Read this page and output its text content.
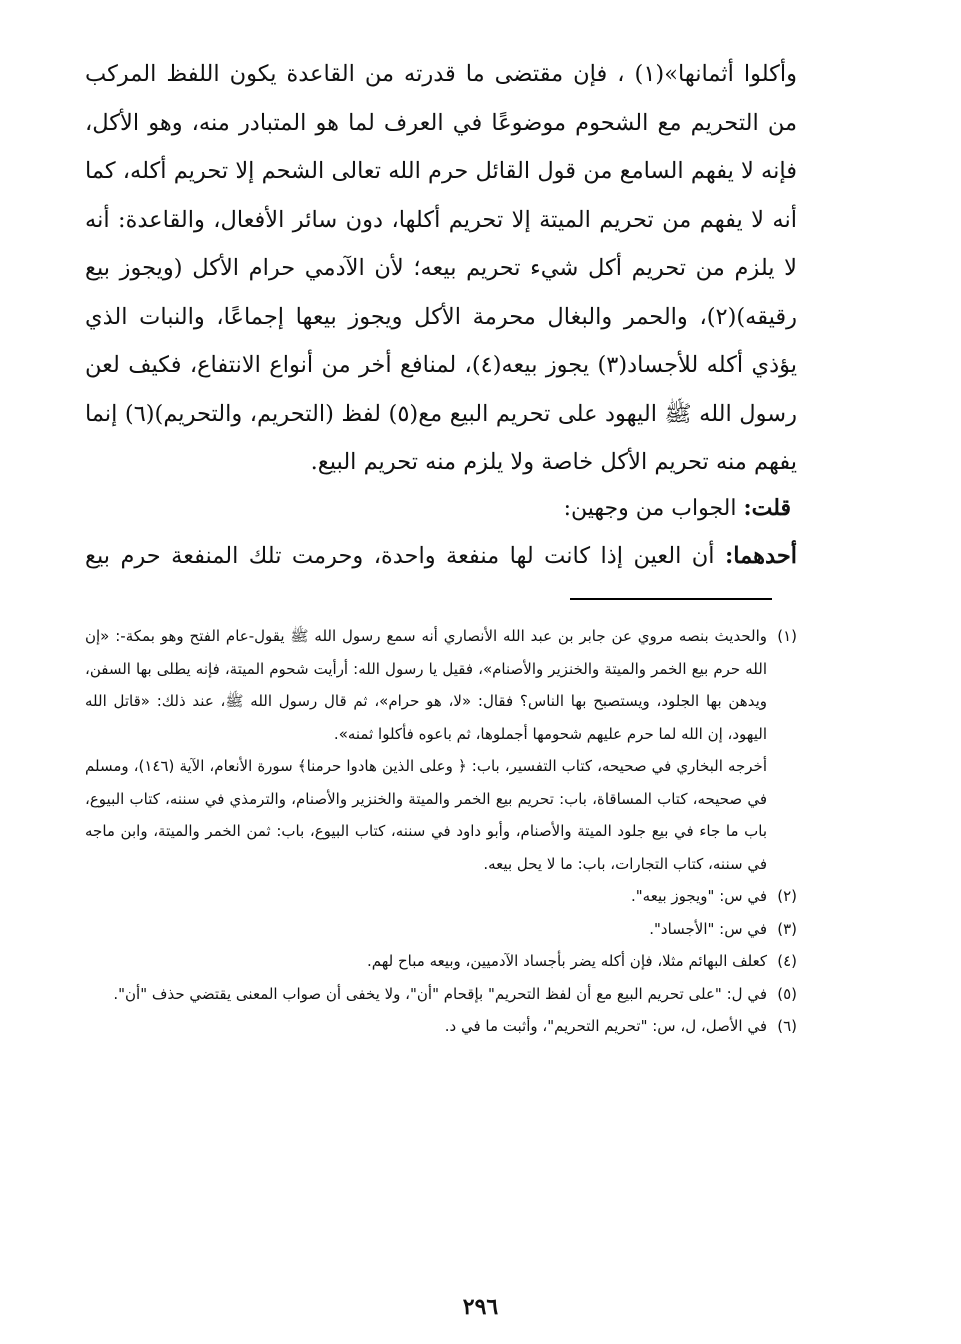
وأكلوا أثمانها»(١) ، فإن مقتضى ما قدرته من القاعدة يكون اللفظ المركب من التحريم مع الشحوم موضوعًا في العرف لما هو المتبادر منه، وهو الأكل، فإنه لا يفهم السامع من قول القائل حرم الله تعالى الشحم إلا تحريم أكله، كما أنه لا يفهم من تحريم الميتة إلا تحريم أكلها، دون سائر الأفعال، والقاعدة: أنه لا يلزم من تحريم أكل شيء تحريم بيعه؛ لأن الآدمي حرام الأكل (ويجوز بيع رقيقه)(٢)، والحمر والبغال محرمة الأكل ويجوز بيعها إجماعًا، والنبات الذي يؤذي أكله للأجساد(٣) يجوز بيعه(٤)، لمنافع أخر من أنواع الانتفاع، فكيف لعن رسول الله ﷺ اليهود على تحريم البيع مع(٥) لفظ (التحريم، والتحريم)(٦) إنما يفهم منه تحريم الأكل خاصة ولا يلزم منه تحريم البيع.

قلت: الجواب من وجهين:

أحدهما: أن العين إذا كانت لها منفعة واحدة، وحرمت تلك المنفعة حرم بيع

(١)
والحديث بنصه مروي عن جابر بن عبد الله الأنصاري أنه سمع رسول الله ﷺ يقول-عام الفتح وهو بمكة-: «إن الله حرم بيع الخمر والميتة والخنزير والأصنام»، فقيل يا رسول الله: أرأيت شحوم الميتة، فإنه يطلى بها السفن، ويدهن بها الجلود، ويستصبح بها الناس؟ فقال: «لا، هو حرام»، ثم قال رسول الله ﷺ، عند ذلك: «قاتل الله اليهود، إن الله لما حرم عليهم شحومها أجملوها، ثم باعوه فأكلوا ثمنه».
أخرجه البخاري في صحيحه، كتاب التفسير، باب: ﴿ وعلى الذين هادوا حرمنا﴾ سورة الأنعام، الآية (١٤٦)، ومسلم في صحيحه، كتاب المساقاة، باب: تحريم بيع الخمر والميتة والخنزير والأصنام، والترمذي في سننه، كتاب البيوع، باب ما جاء في بيع جلود الميتة والأصنام، وأبو داود في سننه، كتاب البيوع، باب: ثمن الخمر والميتة، وابن ماجه في سننه، كتاب التجارات، باب: ما لا يحل بيعه.
(٢)
في س: "ويجوز بيعه".
(٣)
في س: "الأجساد".
(٤)
كعلف البهائم مثلا، فإن أكله يضر بأجساد الآدميين، وبيعه مباح لهم.
(٥)
في ل: "على تحريم البيع مع أن لفظ التحريم" بإقحام "أن"، ولا يخفى أن صواب المعنى يقتضي حذف "أن".
(٦)
في الأصل، ل، س: "تحريم التحريم"، وأثبت ما في د.
٢٩٦
